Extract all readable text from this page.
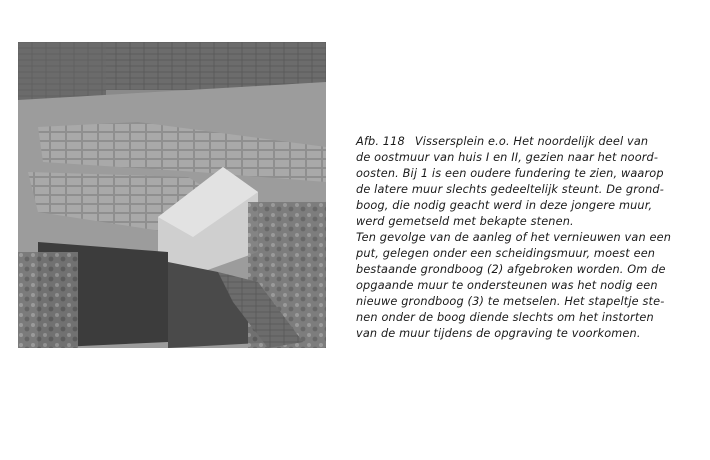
Afb. 118 Vissersplein e.o. Het noordelijk deel van
de oostmuur van huis I en II, gezien naar het noord-
oosten. Bij 1 is een oudere fundering te zien, waarop
de latere muur slechts gedeeltelijk steunt. De grond-
boog, die nodig geacht werd in deze jongere muur,
werd gemetseld met bekapte stenen.
Ten gevolge van de aanleg of het vernieuwen van een
put, gelegen onder een scheidingsmuur, moest een
bestaande grondboog (2) afgebroken worden. Om de
opgaande muur te ondersteunen was het nodig een
nieuwe grondboog (3) te metselen. Het stapeltje ste-
nen onder de boog diende slechts om het instorten
van de muur tijdens de opgraving te voorkomen.
